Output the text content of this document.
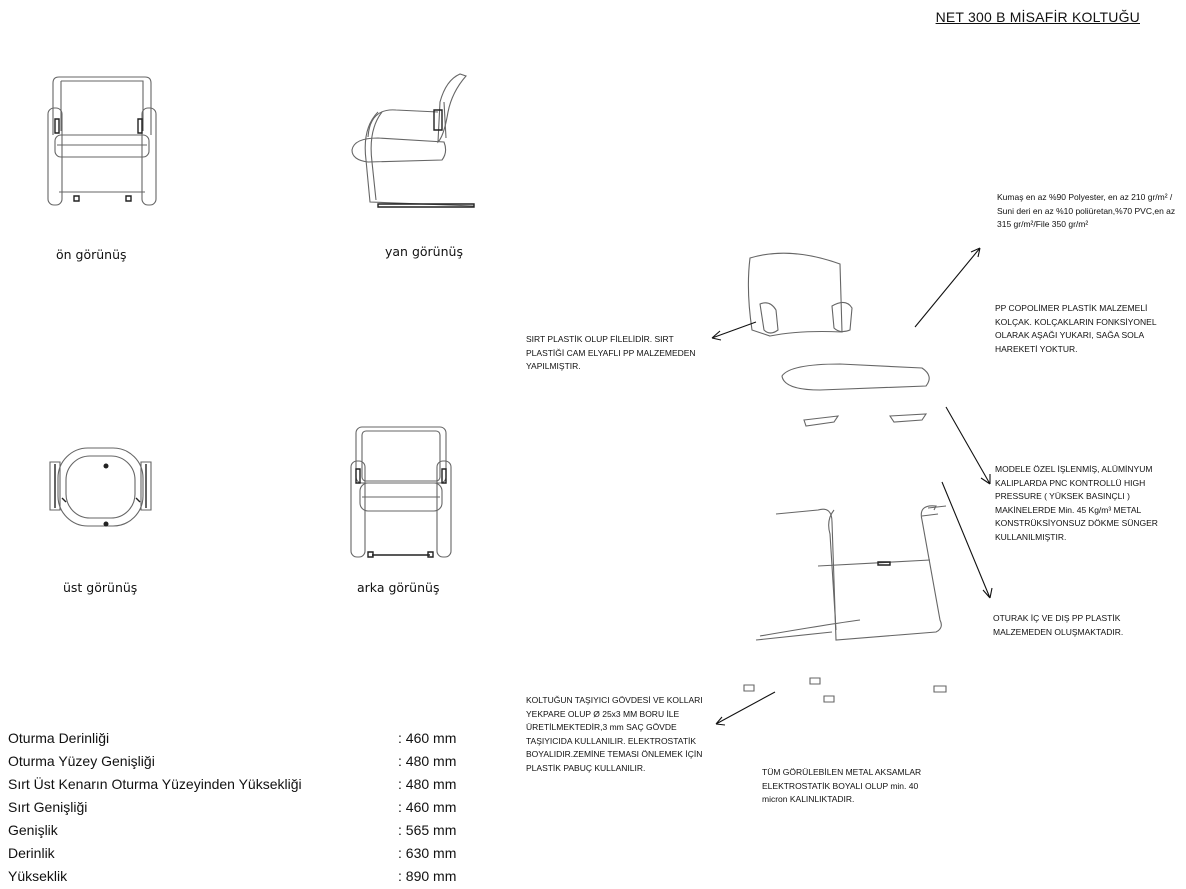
NET 300 B MİSAFİR KOLTUĞU
ön görünüş	yan görünüş
üst görünüş	arka görünüş
Kumaş en az %90 Polyester, en az 210 gr/m² / Suni deri en az %10 poliüretan,%70 PVC,en az 315 gr/m²/File 350 gr/m²
SIRT PLASTİK OLUP FİLELİDİR. SIRT PLASTİĞİ CAM ELYAFLI PP MALZEMEDEN YAPILMIŞTIR.
PP COPOLİMER PLASTİK MALZEMELİ KOLÇAK. KOLÇAKLARIN FONKSİYONEL OLARAK AŞAĞI YUKARI, SAĞA SOLA HAREKETİ YOKTUR.
MODELE ÖZEL İŞLENMİŞ, ALÜMİNYUM KALIPLARDA PNC KONTROLLÜ HIGH PRESSURE ( YÜKSEK BASINÇLI ) MAKİNELERDE Min. 45 Kg/m³ METAL KONSTRÜKSİYONSUZ DÖKME SÜNGER KULLANILMIŞTIR.
OTURAK İÇ VE DIŞ PP PLASTİK MALZEMEDEN OLUŞMAKTADIR.
KOLTUĞUN TAŞIYICI GÖVDESİ VE KOLLARI YEKPARE OLUP Ø 25x3 MM BORU İLE ÜRETİLMEKTEDİR,3 mm SAÇ GÖVDE TAŞIYICIDA KULLANILIR. ELEKTROSTATİK BOYALIDIR.ZEMİNE TEMASI ÖNLEMEK İÇİN PLASTİK PABUÇ KULLANILIR.	TÜM GÖRÜLEBİLEN METAL AKSAMLAR ELEKTROSTATİK BOYALI OLUP min. 40 micron KALINLIKTADIR.
Oturma Derinliği	: 460 mm
Oturma Yüzey Genişliği	: 480 mm
Sırt Üst Kenarın Oturma Yüzeyinden Yüksekliği	: 480 mm
Sırt Genişliği	: 460 mm
Genişlik	: 565 mm
Derinlik	: 630 mm
Yükseklik	: 890 mm
